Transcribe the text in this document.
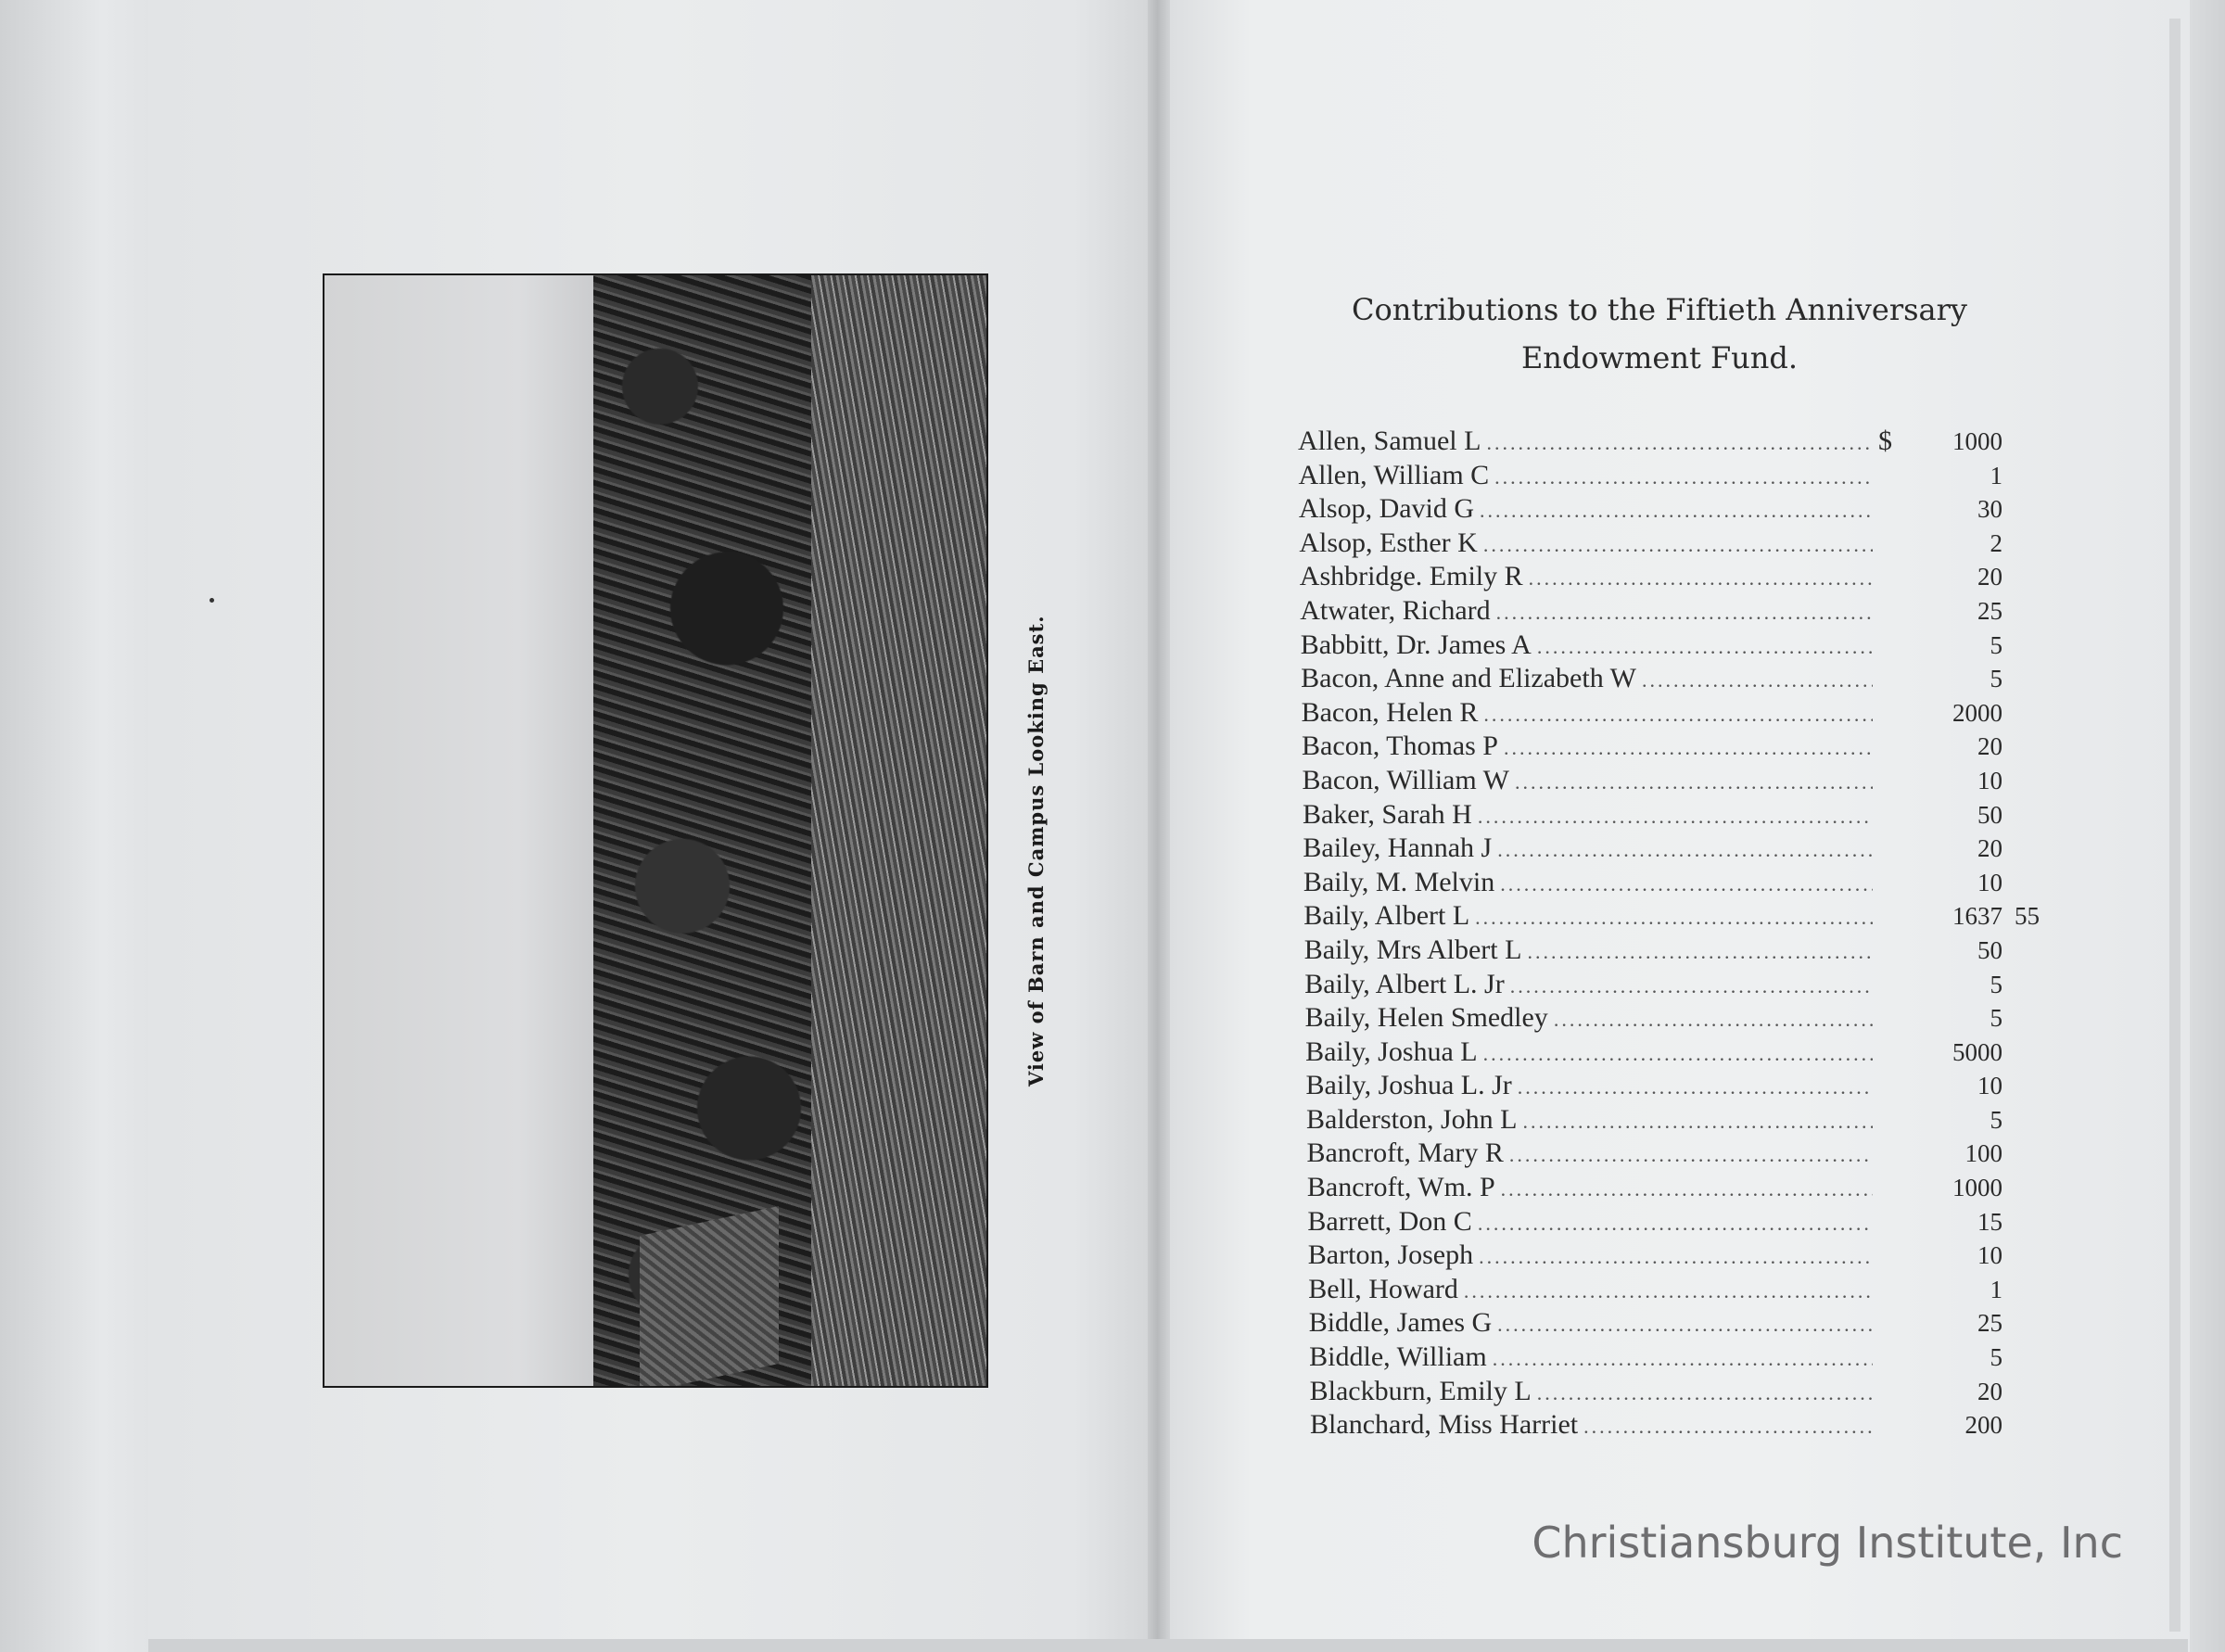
View of Barn and Campus Looking East.
Contributions to the Fiftieth Anniversary
Endowment Fund.
Allen, Samuel L .....	$	1000
Allen, William C .....	1
Alsop, David G .....	30
Alsop, Esther K .....	2
Ashbridge. Emily R .....	20
Atwater, Richard .....	25
Babbitt, Dr. James A .....	5
Bacon, Anne and Elizabeth W .....	5
Bacon, Helen R .....	2000
Bacon, Thomas P .....	20
Bacon, William W .....	10
Baker, Sarah H .....	50
Bailey, Hannah J .....	20
Baily, M. Melvin .....	10
Baily, Albert L .....	1637 55
Baily, Mrs Albert L .....	50
Baily, Albert L. Jr .....	5
Baily, Helen Smedley .....	5
Baily, Joshua L .....	5000
Baily, Joshua L. Jr .....	10
Balderston, John L .....	5
Bancroft, Mary R .....	100
Bancroft, Wm. P .....	1000
Barrett, Don C .....	15
Barton, Joseph .....	10
Bell, Howard .....	1
Biddle, James G .....	25
Biddle, William .....	5
Blackburn, Emily L .....	20
Blanchard, Miss Harriet .....	200
Christiansburg Institute, Inc
